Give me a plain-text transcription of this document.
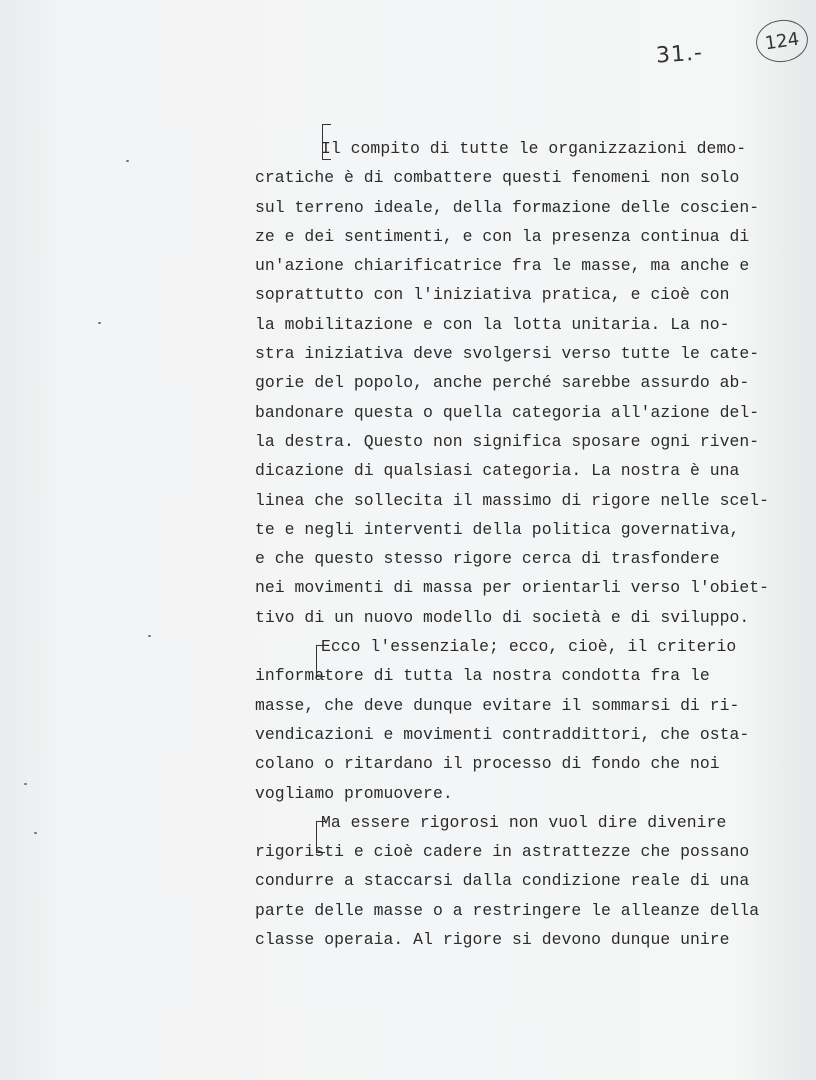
31.-	124
Il compito di tutte le organizzazioni demo-
cratiche è di combattere questi fenomeni non solo
sul terreno ideale, della formazione delle coscien-
ze e dei sentimenti, e con la presenza continua di
un'azione chiarificatrice fra le masse, ma anche e
soprattutto con l'iniziativa pratica, e cioè con
la mobilitazione e con la lotta unitaria. La no-
stra iniziativa deve svolgersi verso tutte le cate-
gorie del popolo, anche perché sarebbe assurdo ab-
bandonare questa o quella categoria all'azione del-
la destra. Questo non significa sposare ogni riven-
dicazione di qualsiasi categoria. La nostra è una
linea che sollecita il massimo di rigore nelle scel-
te e negli interventi della politica governativa,
e che questo stesso rigore cerca di trasfondere
nei movimenti di massa per orientarli verso l'obiet-
tivo di un nuovo modello di società e di sviluppo.
Ecco l'essenziale; ecco, cioè, il criterio
informatore di tutta la nostra condotta fra le
masse, che deve dunque evitare il sommarsi di ri-
vendicazioni e movimenti contraddittori, che osta-
colano o ritardano il processo di fondo che noi
vogliamo promuovere.
Ma essere rigorosi non vuol dire divenire
rigoristi e cioè cadere in astrattezze che possano
condurre a staccarsi dalla condizione reale di una
parte delle masse o a restringere le alleanze della
classe operaia. Al rigore si devono dunque unire
